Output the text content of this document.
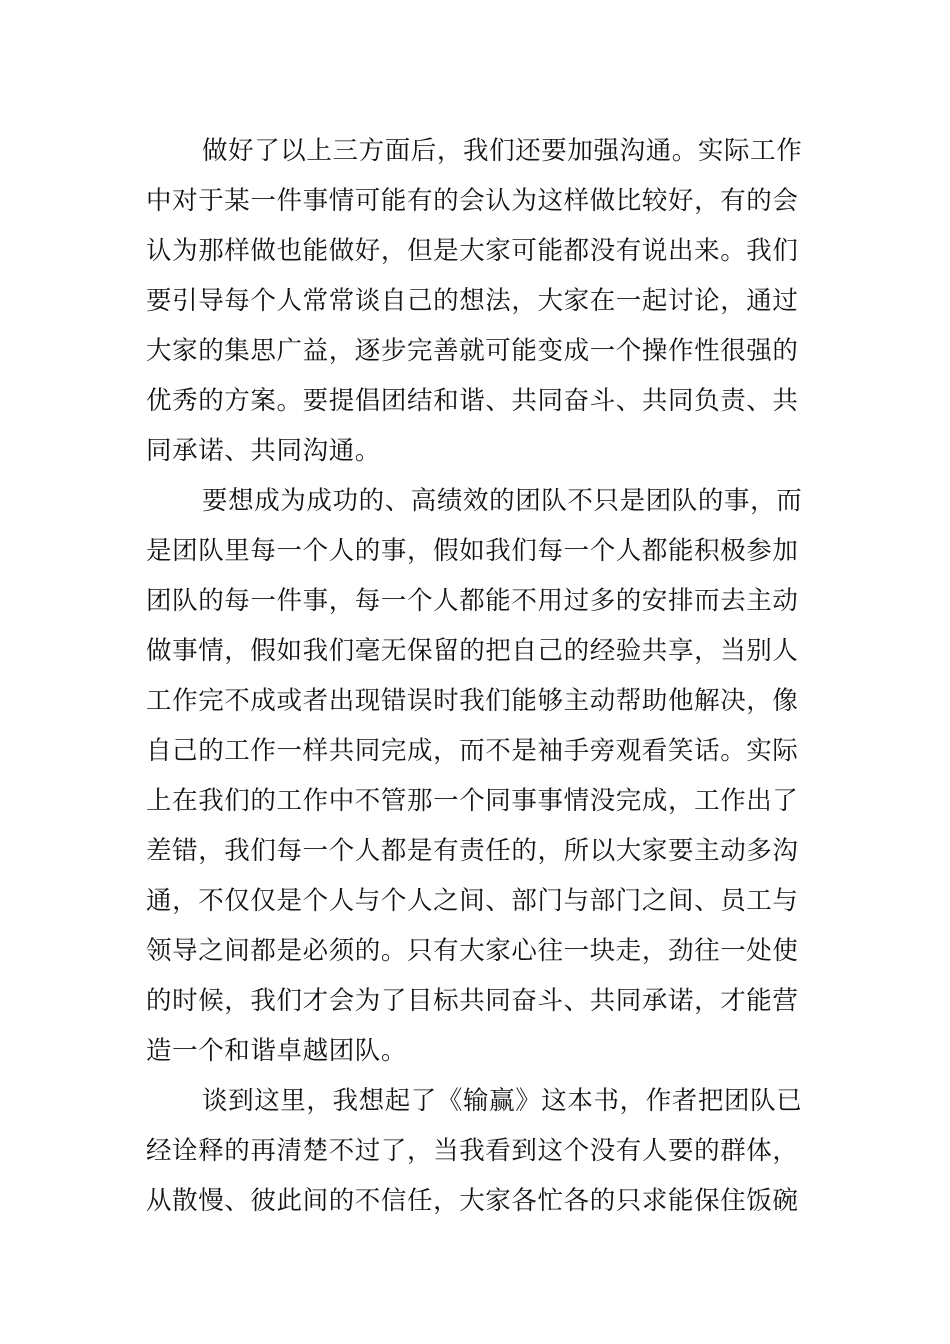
做好了以上三方面后，我们还要加强沟通。实际工作
中对于某一件事情可能有的会认为这样做比较好，有的会
认为那样做也能做好，但是大家可能都没有说出来。我们
要引导每个人常常谈自己的想法，大家在一起讨论，通过
大家的集思广益，逐步完善就可能变成一个操作性很强的
优秀的方案。要提倡团结和谐、共同奋斗、共同负责、共
同承诺、共同沟通。
要想成为成功的、高绩效的团队不只是团队的事，而
是团队里每一个人的事，假如我们每一个人都能积极参加
团队的每一件事，每一个人都能不用过多的安排而去主动
做事情，假如我们毫无保留的把自己的经验共享，当别人
工作完不成或者出现错误时我们能够主动帮助他解决，像
自己的工作一样共同完成，而不是袖手旁观看笑话。实际
上在我们的工作中不管那一个同事事情没完成，工作出了
差错，我们每一个人都是有责任的，所以大家要主动多沟
通，不仅仅是个人与个人之间、部门与部门之间、员工与
领导之间都是必须的。只有大家心往一块走，劲往一处使
的时候，我们才会为了目标共同奋斗、共同承诺，才能营
造一个和谐卓越团队。
谈到这里，我想起了《输赢》这本书，作者把团队已
经诠释的再清楚不过了，当我看到这个没有人要的群体，
从散慢、彼此间的不信任，大家各忙各的只求能保住饭碗
